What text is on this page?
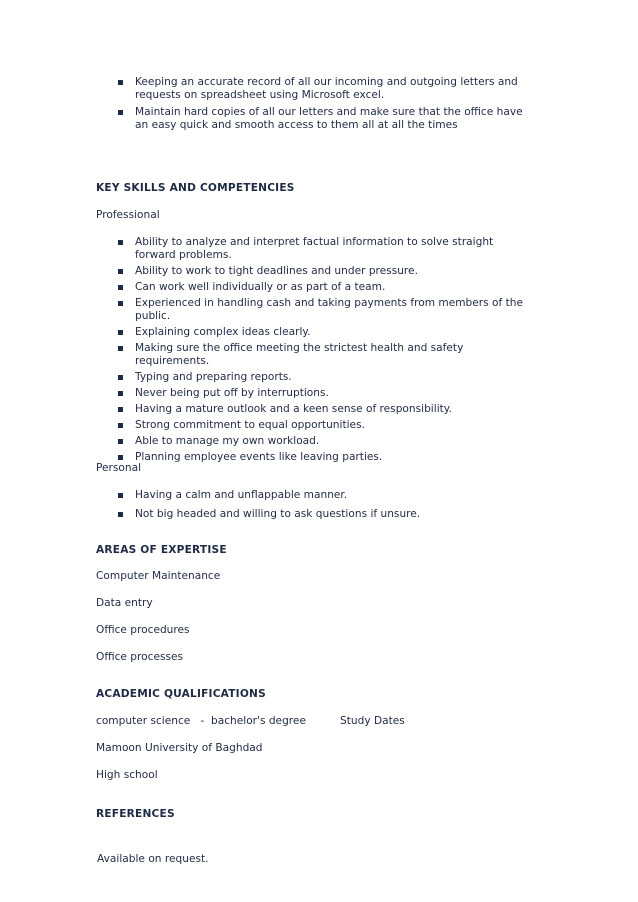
Keeping an accurate record of all our incoming and outgoing letters and requests on spreadsheet using Microsoft excel.
Maintain hard copies of all our letters and make sure that the office have an easy quick and smooth access to them all at all the times
KEY SKILLS AND COMPETENCIES
Professional
Ability to analyze and interpret factual information to solve straight forward problems.
Ability to work to tight deadlines and under pressure.
Can work well individually or as part of a team.
Experienced in handling cash and taking payments from members of the public.
Explaining complex ideas clearly.
Making sure the office meeting the strictest health and safety requirements.
Typing and preparing reports.
Never being put off by interruptions.
Having a mature outlook and a keen sense of responsibility.
Strong commitment to equal opportunities.
Able to manage my own workload.
Planning employee events like leaving parties.
Personal
Having a calm and unflappable manner.
Not big headed and willing to ask questions if unsure.
AREAS OF EXPERTISE
Computer Maintenance
Data entry
Office procedures
Office processes
ACADEMIC QUALIFICATIONS
computer science   -  bachelor's degree	Study Dates
Mamoon University of Baghdad
High school
REFERENCES
Available on request.
